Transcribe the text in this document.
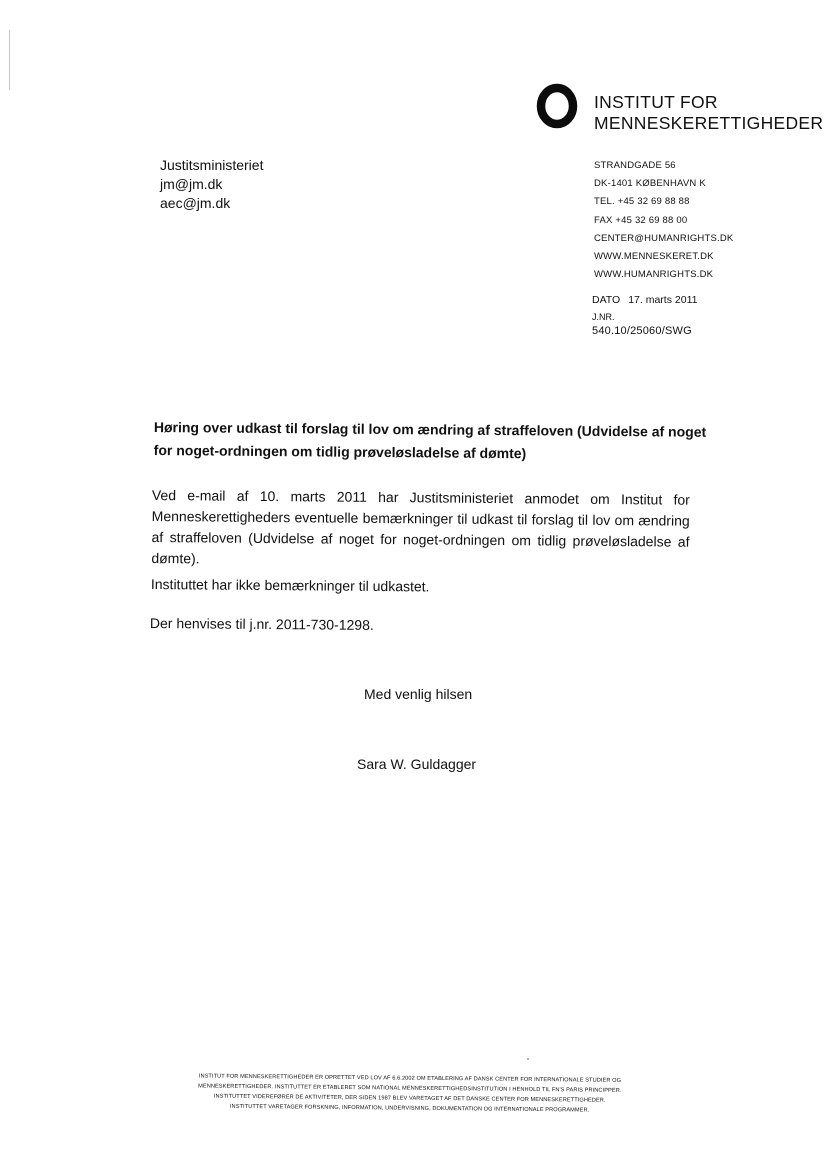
INSTITUT FOR
MENNESKERETTIGHEDER
Justitsministeriet
jm@jm.dk
aec@jm.dk
STRANDGADE 56
DK-1401 KØBENHAVN K
TEL. +45 32 69 88 88
FAX +45 32 69 88 00
CENTER@HUMANRIGHTS.DK
WWW.MENNESKERET.DK
WWW.HUMANRIGHTS.DK
DATO 17. marts 2011
J.NR.
540.10/25060/SWG
Høring over udkast til forslag til lov om ændring af straffeloven (Udvidelse af noget
for noget-ordningen om tidlig prøveløsladelse af dømte)
Ved e-mail af 10. marts 2011 har Justitsministeriet anmodet om Institut for Menneskerettigheders eventuelle bemærkninger til udkast til forslag til lov om ændring af straffeloven (Udvidelse af noget for noget-ordningen om tidlig prøveløsladelse af dømte).
Instituttet har ikke bemærkninger til udkastet.
Der henvises til j.nr. 2011-730-1298.
Med venlig hilsen
Sara W. Guldagger
INSTITUT FOR MENNESKERETTIGHEDER ER OPRETTET VED LOV AF 6.6.2002 OM ETABLERING AF DANSK CENTER FOR INTERNATIONALE STUDIER OG
MENNESKERETTIGHEDER. INSTITUTTET ER ETABLERET SOM NATIONAL MENNESKERETTIGHEDSINSTITUTION I HENHOLD TIL FN'S PARIS PRINCIPPER.
INSTITUTTET VIDEREFØRER DE AKTIVITETER, DER SIDEN 1987 BLEV VARETAGET AF DET DANSKE CENTER FOR MENNESKERETTIGHEDER.
INSTITUTTET VARETAGER FORSKNING, INFORMATION, UNDERVISNING, DOKUMENTATION OG INTERNATIONALE PROGRAMMER.
